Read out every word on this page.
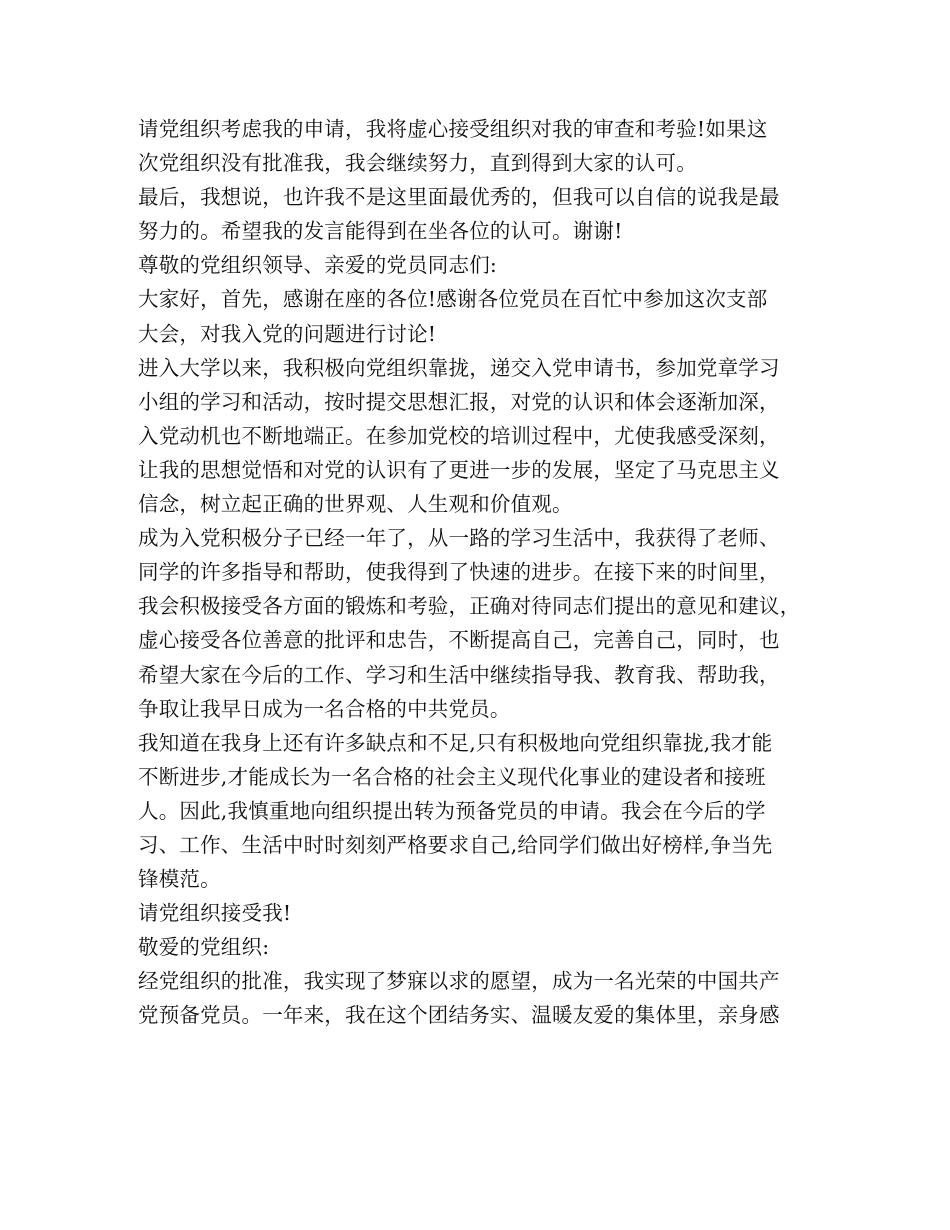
请党组织考虑我的申请，我将虚心接受组织对我的审查和考验!如果这
次党组织没有批准我，我会继续努力，直到得到大家的认可。
最后，我想说，也许我不是这里面最优秀的，但我可以自信的说我是最
努力的。希望我的发言能得到在坐各位的认可。谢谢!
尊敬的党组织领导、亲爱的党员同志们:
大家好，首先，感谢在座的各位!感谢各位党员在百忙中参加这次支部
大会，对我入党的问题进行讨论!
进入大学以来，我积极向党组织靠拢，递交入党申请书，参加党章学习
小组的学习和活动，按时提交思想汇报，对党的认识和体会逐渐加深，
入党动机也不断地端正。在参加党校的培训过程中，尤使我感受深刻，
让我的思想觉悟和对党的认识有了更进一步的发展，坚定了马克思主义
信念，树立起正确的世界观、人生观和价值观。
成为入党积极分子已经一年了，从一路的学习生活中，我获得了老师、
同学的许多指导和帮助，使我得到了快速的进步。在接下来的时间里，
我会积极接受各方面的锻炼和考验，正确对待同志们提出的意见和建议，
虚心接受各位善意的批评和忠告，不断提高自己，完善自己，同时，也
希望大家在今后的工作、学习和生活中继续指导我、教育我、帮助我，
争取让我早日成为一名合格的中共党员。
我知道在我身上还有许多缺点和不足,只有积极地向党组织靠拢,我才能
不断进步,才能成长为一名合格的社会主义现代化事业的建设者和接班
人。因此,我慎重地向组织提出转为预备党员的申请。我会在今后的学
习、工作、生活中时时刻刻严格要求自己,给同学们做出好榜样,争当先
锋模范。
请党组织接受我!
敬爱的党组织:
经党组织的批准，我实现了梦寐以求的愿望，成为一名光荣的中国共产
党预备党员。一年来，我在这个团结务实、温暖友爱的集体里，亲身感
